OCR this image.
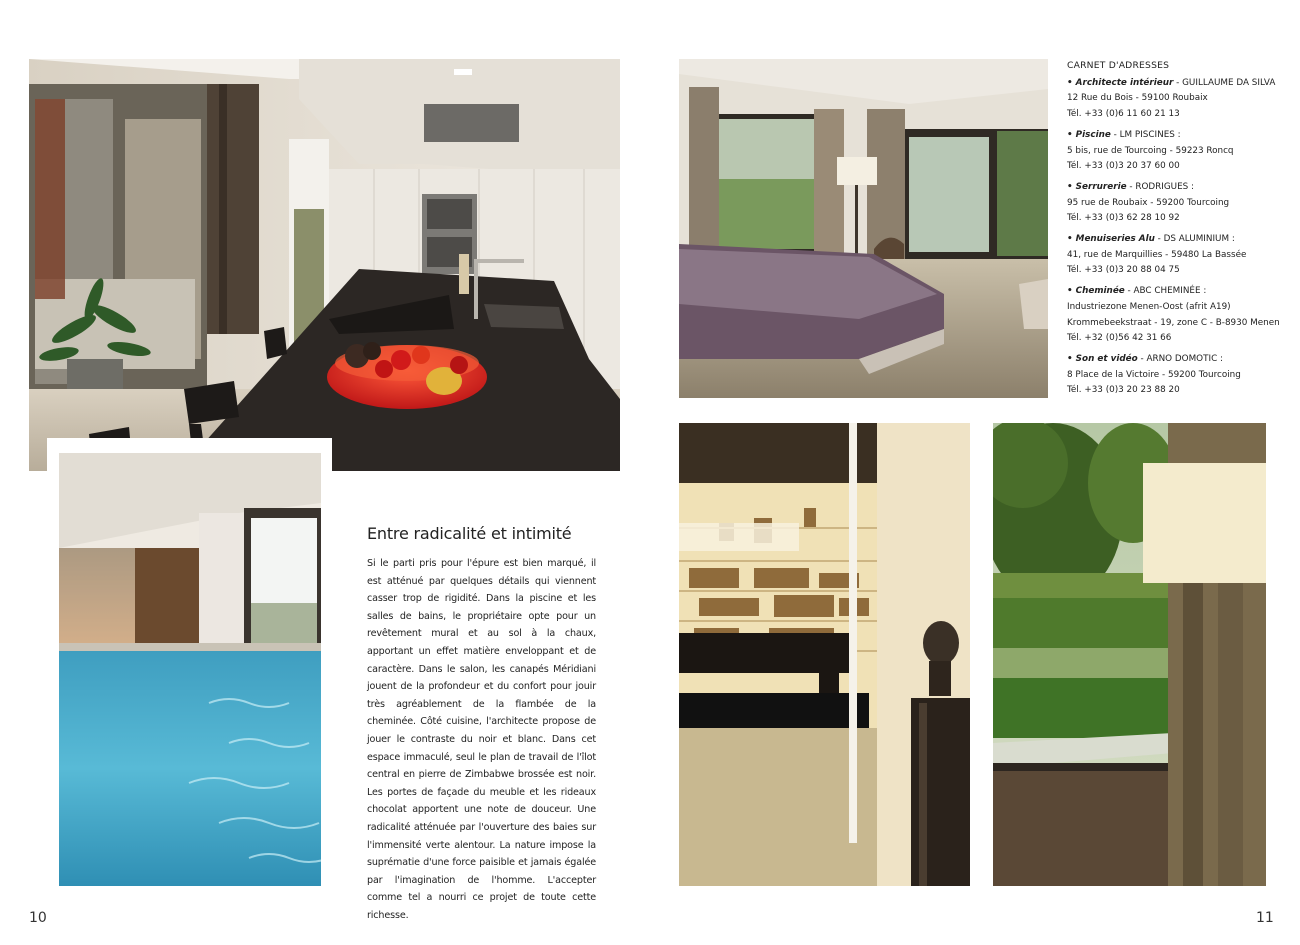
Entre radicalité et intimité

Si le parti pris pour l'épure est bien marqué, il est atténué par quelques détails qui viennent casser trop de rigidité. Dans la piscine et les salles de bains, le propriétaire opte pour un revêtement mural et au sol à la chaux, apportant un effet matière enveloppant et de caractère. Dans le salon, les canapés Méridiani jouent de la profondeur et du confort pour jouir très agréablement de la flambée de la cheminée. Côté cuisine, l'architecte propose de jouer le contraste du noir et blanc. Dans cet espace immaculé, seul le plan de travail de l'îlot central en pierre de Zimbabwe brossée est noir. Les portes de façade du meuble et les rideaux chocolat apportent une note de douceur. Une radicalité atténuée par l'ouverture des baies sur l'immensité verte alentour. La nature impose la suprématie d'une force paisible et jamais égalée par l'imagination de l'homme. L'accepter comme tel a nourri ce projet de toute cette richesse.

CARNET D'ADRESSES
• Architecte intérieur - GUILLAUME DA SILVA
12 Rue du Bois - 59100 Roubaix
Tél. +33 (0)6 11 60 21 13
• Piscine - LM PISCINES :
5 bis, rue de Tourcoing - 59223 Roncq
Tél. +33 (0)3 20 37 60 00
• Serrurerie - RODRIGUES :
95 rue de Roubaix - 59200 Tourcoing
Tél. +33 (0)3 62 28 10 92
• Menuiseries Alu - DS ALUMINIUM :
41, rue de Marquillies - 59480 La Bassée
Tél. +33 (0)3 20 88 04 75
• Cheminée - ABC CHEMINÉE :
Industriezone Menen-Oost (afrit A19)
Krommebeekstraat - 19, zone C - B-8930 Menen
Tél. +32 (0)56 42 31 66
• Son et vidéo - ARNO DOMOTIC :
8 Place de la Victoire - 59200 Tourcoing
Tél. +33 (0)3 20 23 88 20
10	11
